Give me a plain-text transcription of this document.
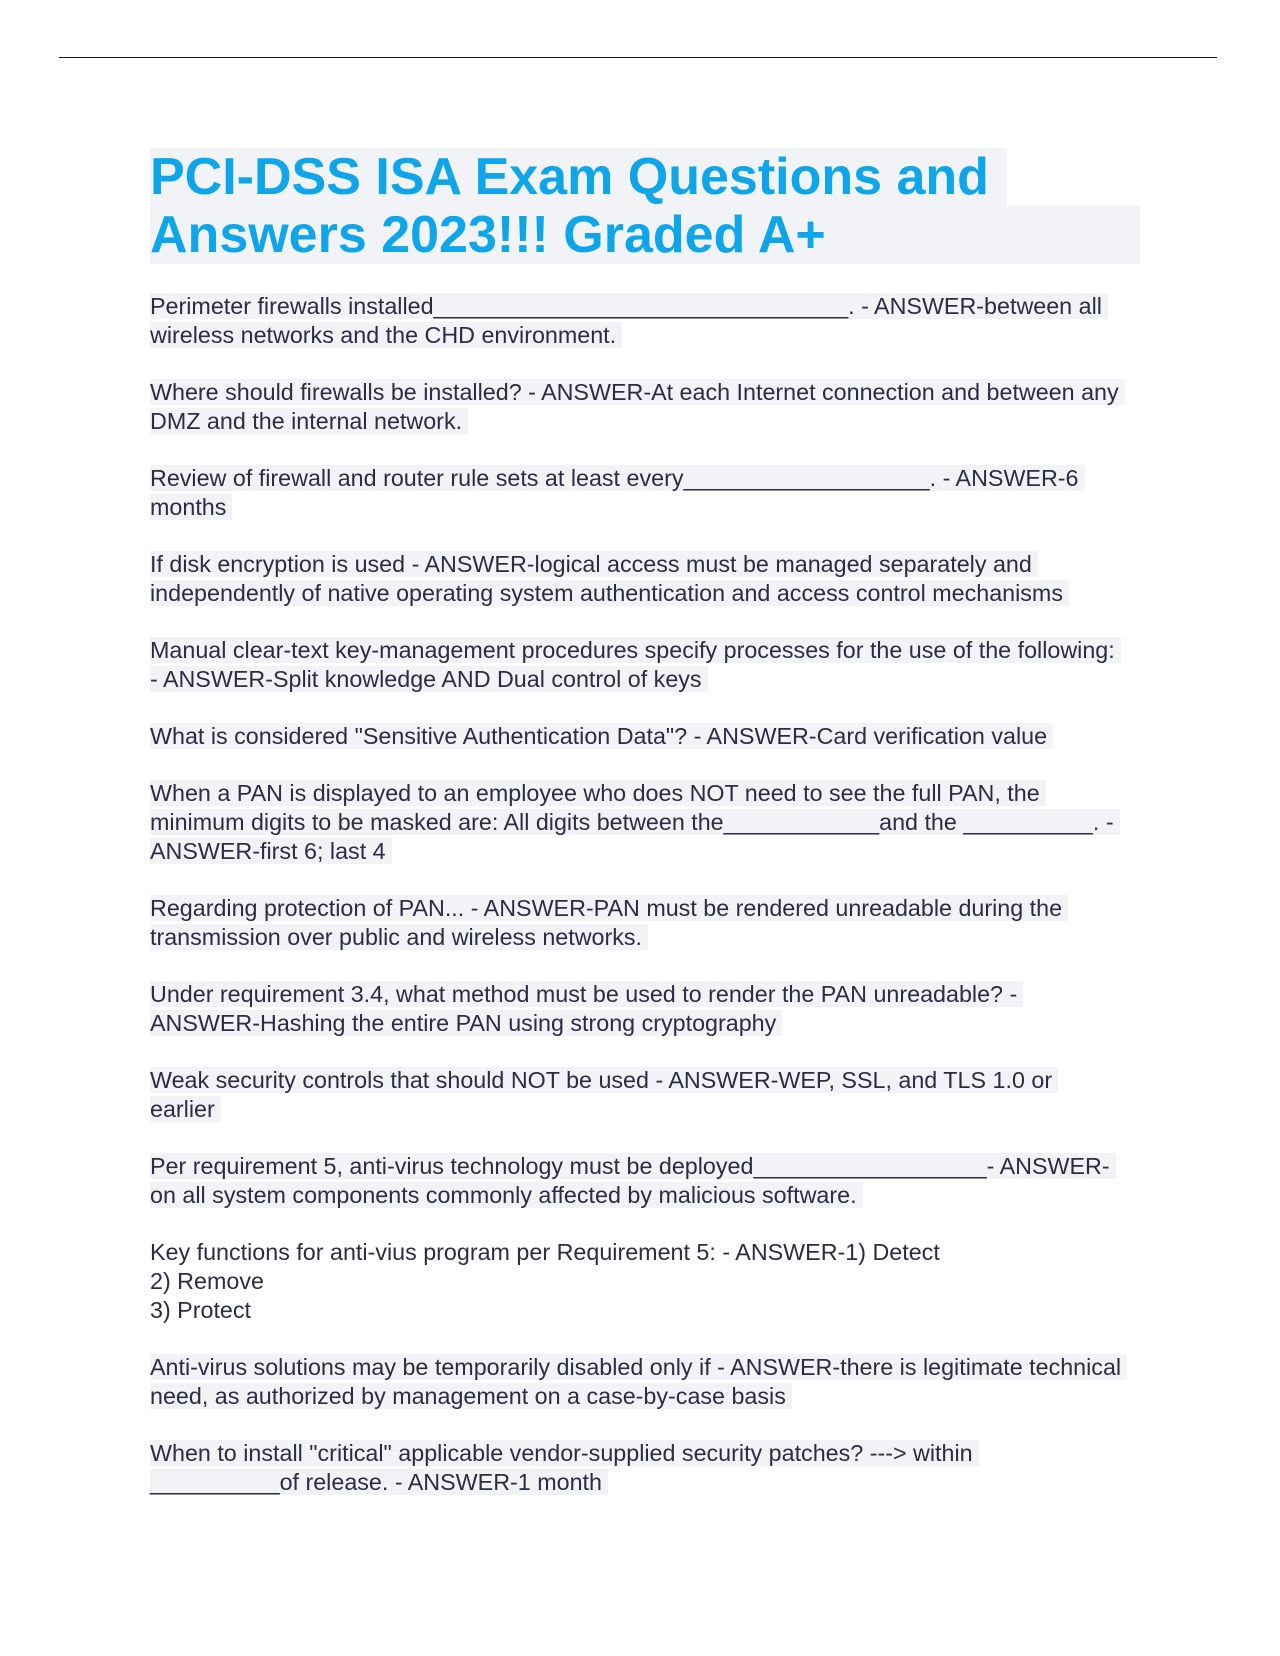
PCI-DSS ISA Exam Questions and
Answers 2023!!! Graded A+

Perimeter firewalls installed________________________________. - ANSWER-between all wireless networks and the CHD environment.

Where should firewalls be installed? - ANSWER-At each Internet connection and between any DMZ and the internal network.

Review of firewall and router rule sets at least every___________________. - ANSWER-6 months

If disk encryption is used - ANSWER-logical access must be managed separately and independently of native operating system authentication and access control mechanisms

Manual clear-text key-management procedures specify processes for the use of the following: - ANSWER-Split knowledge AND Dual control of keys

What is considered "Sensitive Authentication Data"? - ANSWER-Card verification value

When a PAN is displayed to an employee who does NOT need to see the full PAN, the minimum digits to be masked are: All digits between the____________and the __________. - ANSWER-first 6; last 4

Regarding protection of PAN... - ANSWER-PAN must be rendered unreadable during the transmission over public and wireless networks.

Under requirement 3.4, what method must be used to render the PAN unreadable? - ANSWER-Hashing the entire PAN using strong cryptography

Weak security controls that should NOT be used - ANSWER-WEP, SSL, and TLS 1.0 or earlier

Per requirement 5, anti-virus technology must be deployed__________________- ANSWER-on all system components commonly affected by malicious software.

Key functions for anti-vius program per Requirement 5: - ANSWER-1) Detect
2) Remove
3) Protect

Anti-virus solutions may be temporarily disabled only if - ANSWER-there is legitimate technical need, as authorized by management on a case-by-case basis

When to install "critical" applicable vendor-supplied security patches? ---> within __________of release. - ANSWER-1 month
